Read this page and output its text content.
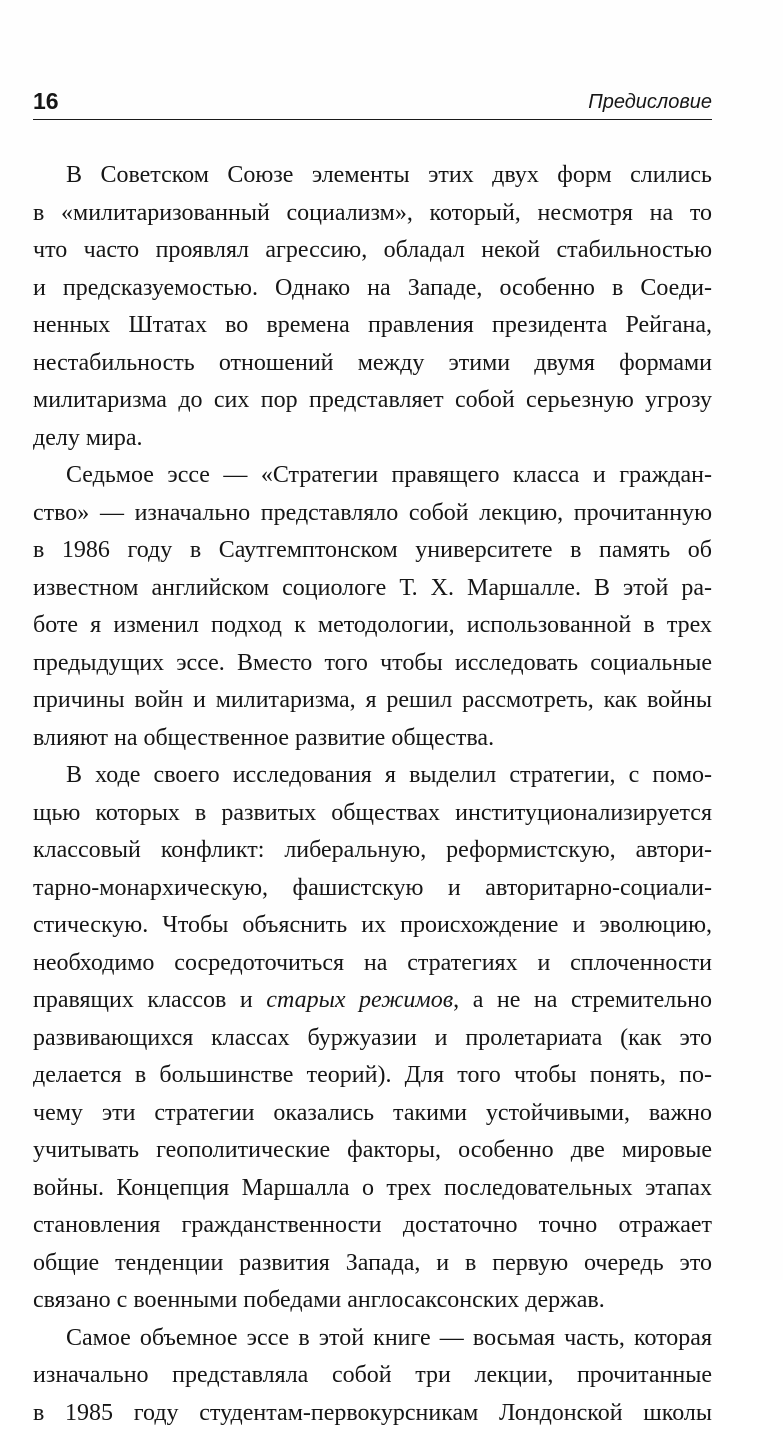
16	Предисловие
В Советском Союзе элементы этих двух форм слились
в «милитаризованный социализм», который, несмотря на то
что часто проявлял агрессию, обладал некой стабильностью
и предсказуемостью. Однако на Западе, особенно в Соеди-
ненных Штатах во времена правления президента Рейгана,
нестабильность отношений между этими двумя формами
милитаризма до сих пор представляет собой серьезную угрозу
делу мира.
Седьмое эссе — «Стратегии правящего класса и граждан-
ство» — изначально представляло собой лекцию, прочитанную
в 1986 году в Саутгемптонском университете в память об
известном английском социологе Т. Х. Маршалле. В этой ра-
боте я изменил подход к методологии, использованной в трех
предыдущих эссе. Вместо того чтобы исследовать социальные
причины войн и милитаризма, я решил рассмотреть, как войны
влияют на общественное развитие общества.
В ходе своего исследования я выделил стратегии, с помо-
щью которых в развитых обществах институционализируется
классовый конфликт: либеральную, реформистскую, автори-
тарно-монархическую, фашистскую и авторитарно-социали-
стическую. Чтобы объяснить их происхождение и эволюцию,
необходимо сосредоточиться на стратегиях и сплоченности
правящих классов и старых режимов, а не на стремительно
развивающихся классах буржуазии и пролетариата (как это
делается в большинстве теорий). Для того чтобы понять, по-
чему эти стратегии оказались такими устойчивыми, важно
учитывать геополитические факторы, особенно две мировые
войны. Концепция Маршалла о трех последовательных этапах
становления гражданственности достаточно точно отражает
общие тенденции развития Запада, и в первую очередь это
связано с военными победами англосаксонских держав.
Самое объемное эссе в этой книге — восьмая часть, которая
изначально представляла собой три лекции, прочитанные
в 1985 году студентам-первокурсникам Лондонской школы
